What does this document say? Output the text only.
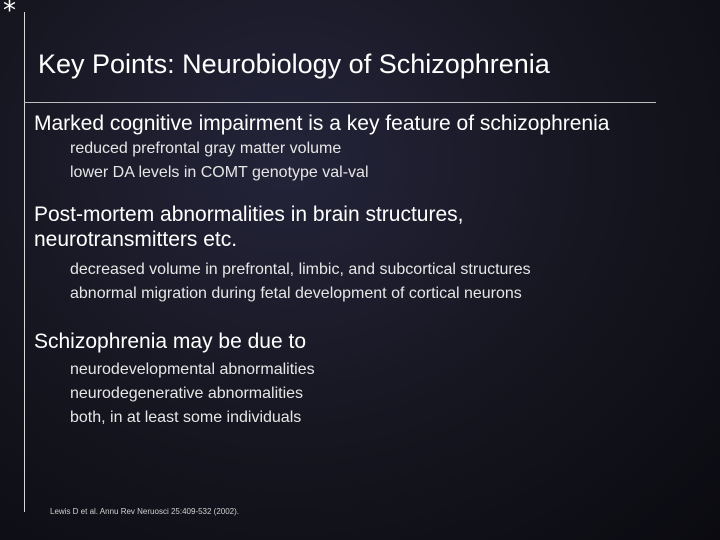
*
Key Points: Neurobiology of Schizophrenia
Marked cognitive impairment is a key feature of schizophrenia
reduced prefrontal gray matter volume
lower DA levels in COMT genotype val-val
Post-mortem abnormalities in brain structures,
neurotransmitters etc.
decreased volume in prefrontal, limbic, and subcortical structures
abnormal migration during fetal development of cortical neurons
Schizophrenia may be due to
neurodevelopmental abnormalities
neurodegenerative abnormalities
both, in at least some individuals
Lewis D et al. Annu Rev Neruosci 25:409-532 (2002).
